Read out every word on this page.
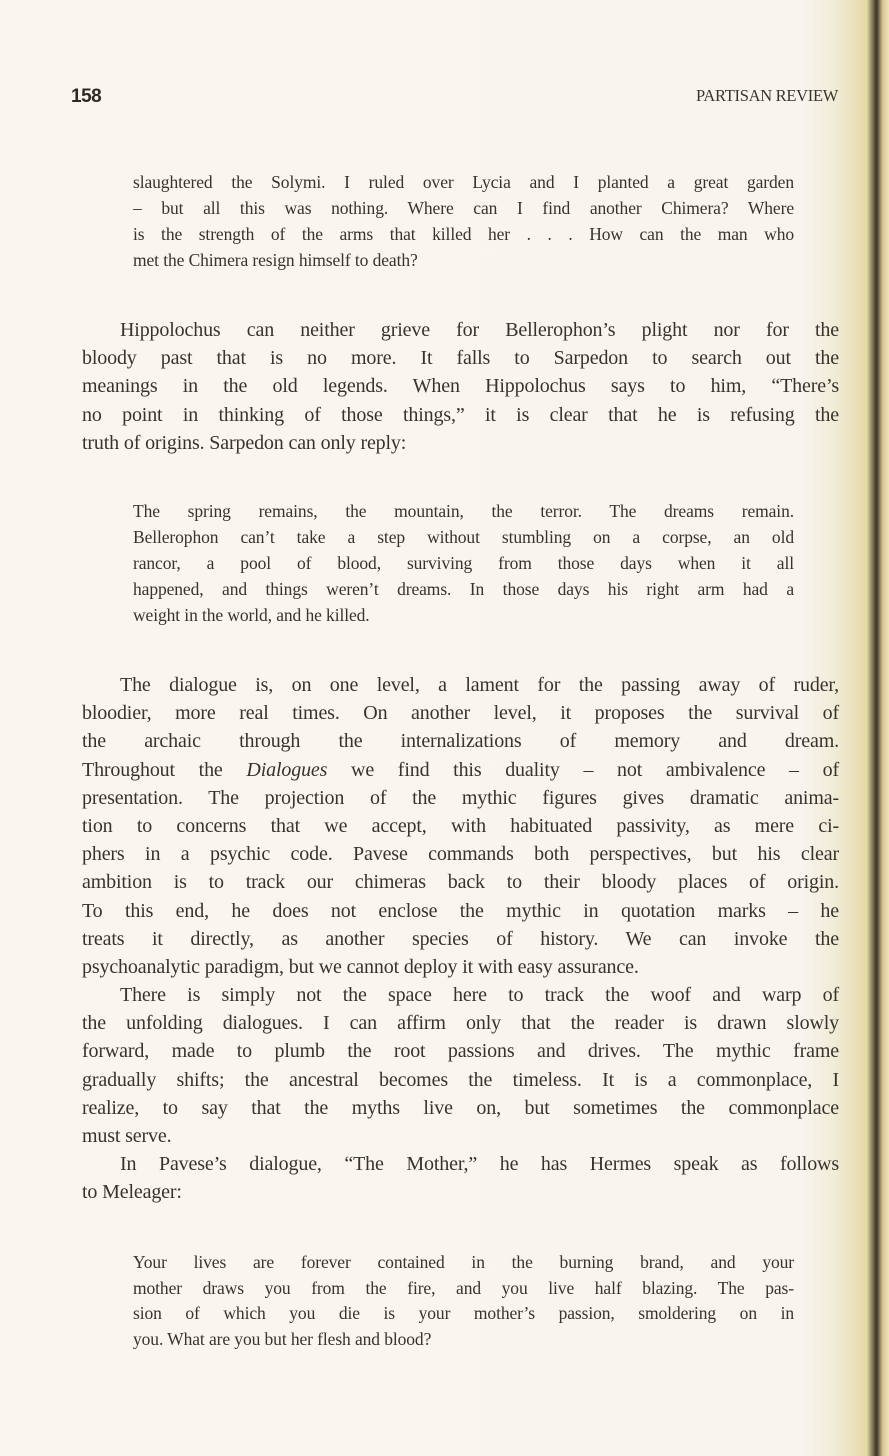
158	PARTISAN REVIEW
slaughtered the Solymi. I ruled over Lycia and I planted a great garden
– but all this was nothing. Where can I find another Chimera? Where
is the strength of the arms that killed her . . . How can the man who
met the Chimera resign himself to death?
Hippolochus can neither grieve for Bellerophon’s plight nor for the
bloody past that is no more. It falls to Sarpedon to search out the
meanings in the old legends. When Hippolochus says to him, “There’s
no point in thinking of those things,” it is clear that he is refusing the
truth of origins. Sarpedon can only reply:
The spring remains, the mountain, the terror. The dreams remain.
Bellerophon can’t take a step without stumbling on a corpse, an old
rancor, a pool of blood, surviving from those days when it all
happened, and things weren’t dreams. In those days his right arm had a
weight in the world, and he killed.
The dialogue is, on one level, a lament for the passing away of ruder,
bloodier, more real times. On another level, it proposes the survival of
the archaic through the internalizations of memory and dream.
Throughout the Dialogues we find this duality – not ambivalence – of
presentation. The projection of the mythic figures gives dramatic anima-
tion to concerns that we accept, with habituated passivity, as mere ci-
phers in a psychic code. Pavese commands both perspectives, but his clear
ambition is to track our chimeras back to their bloody places of origin.
To this end, he does not enclose the mythic in quotation marks – he
treats it directly, as another species of history. We can invoke the
psychoanalytic paradigm, but we cannot deploy it with easy assurance.
There is simply not the space here to track the woof and warp of
the unfolding dialogues. I can affirm only that the reader is drawn slowly
forward, made to plumb the root passions and drives. The mythic frame
gradually shifts; the ancestral becomes the timeless. It is a commonplace, I
realize, to say that the myths live on, but sometimes the commonplace
must serve.
In Pavese’s dialogue, “The Mother,” he has Hermes speak as follows
to Meleager:
Your lives are forever contained in the burning brand, and your
mother draws you from the fire, and you live half blazing. The pas-
sion of which you die is your mother’s passion, smoldering on in
you. What are you but her flesh and blood?
